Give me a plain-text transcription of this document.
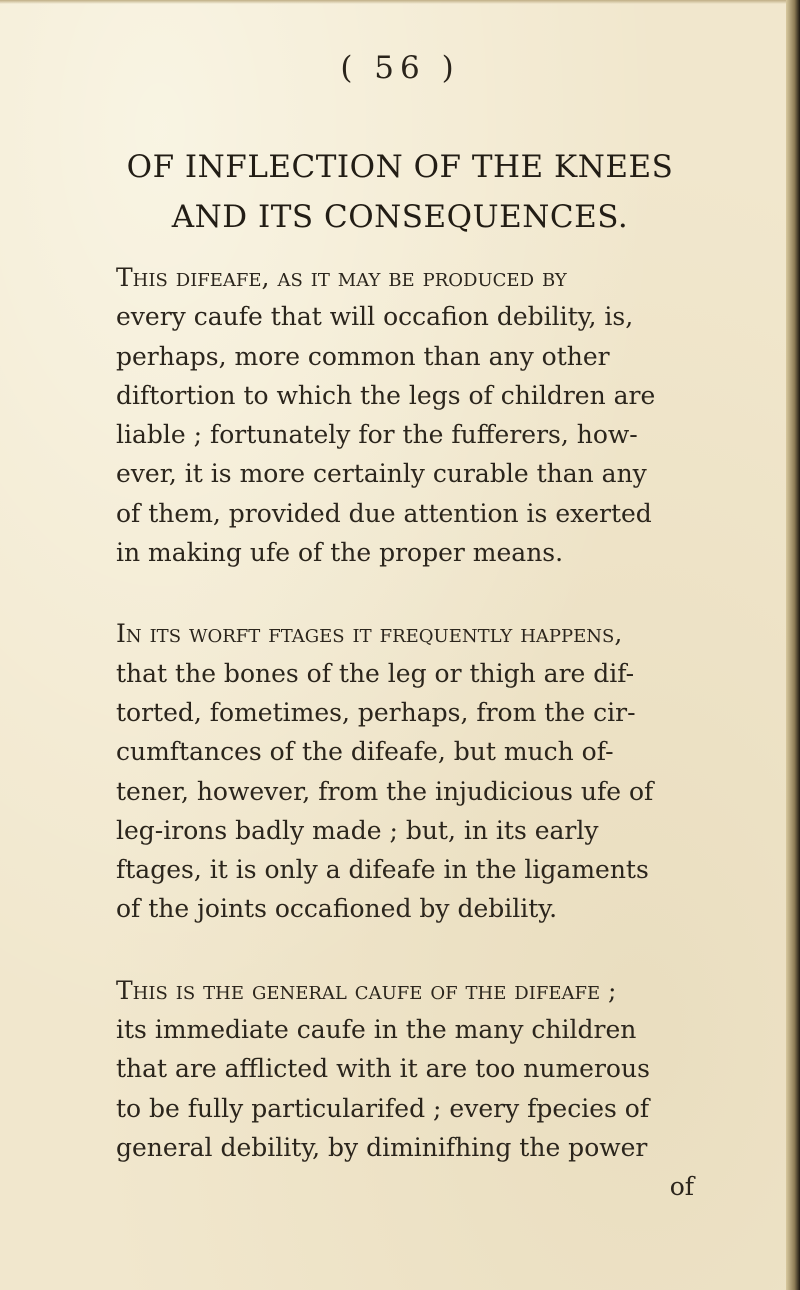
( 56 )
OF INFLECTION OF THE KNEES
AND ITS CONSEQUENCES.
This difeafe, as it may be produced by
every caufe that will occafion debility, is,
perhaps, more common than any other
diftortion to which the legs of children are
liable ; fortunately for the fufferers, how-
ever, it is more certainly curable than any
of them, provided due attention is exerted
in making ufe of the proper means.
In its worft ftages it frequently happens,
that the bones of the leg or thigh are dif-
torted, fometimes, perhaps, from the cir-
cumftances of the difeafe, but much of-
tener, however, from the injudicious ufe of
leg-irons badly made ; but, in its early
ftages, it is only a difeafe in the ligaments
of the joints occafioned by debility.
This is the general caufe of the difeafe ;
its immediate caufe in the many children
that are afflicted with it are too numerous
to be fully particularifed ; every fpecies of
general debility, by diminifhing the power
of
